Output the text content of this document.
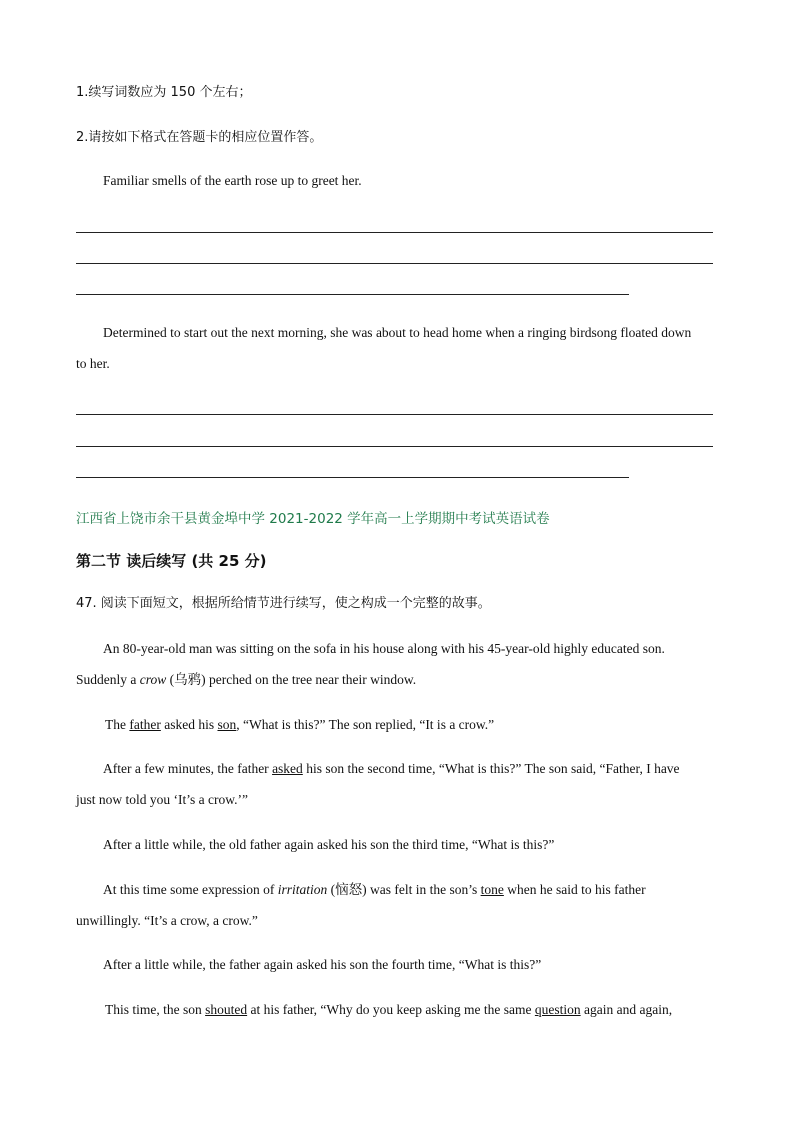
1.续写词数应为 150 个左右；
2.请按如下格式在答题卡的相应位置作答。
Familiar smells of the earth rose up to greet her.
Determined to start out the next morning, she was about to head home when a ringing birdsong floated down
to her.
江西省上饶市余干县黄金埠中学 2021-2022 学年高一上学期期中考试英语试卷
第二节 读后续写 (共 25 分)
47. 阅读下面短文，根据所给情节进行续写，使之构成一个完整的故事。
An 80-year-old man was sitting on the sofa in his house along with his 45-year-old highly educated son.
Suddenly a crow (乌鸦) perched on the tree near their window.
The father asked his son, “What is this?” The son replied, “It is a crow.”
After a few minutes, the father asked his son the second time, “What is this?” The son said, “Father, I have
just now told you ‘It’s a crow.’”
After a little while, the old father again asked his son the third time, “What is this?”
At this time some expression of irritation (恼怒) was felt in the son’s tone when he said to his father
unwillingly. “It’s a crow, a crow.”
After a little while, the father again asked his son the fourth time, “What is this?”
This time, the son shouted at his father, “Why do you keep asking me the same question again and again,
